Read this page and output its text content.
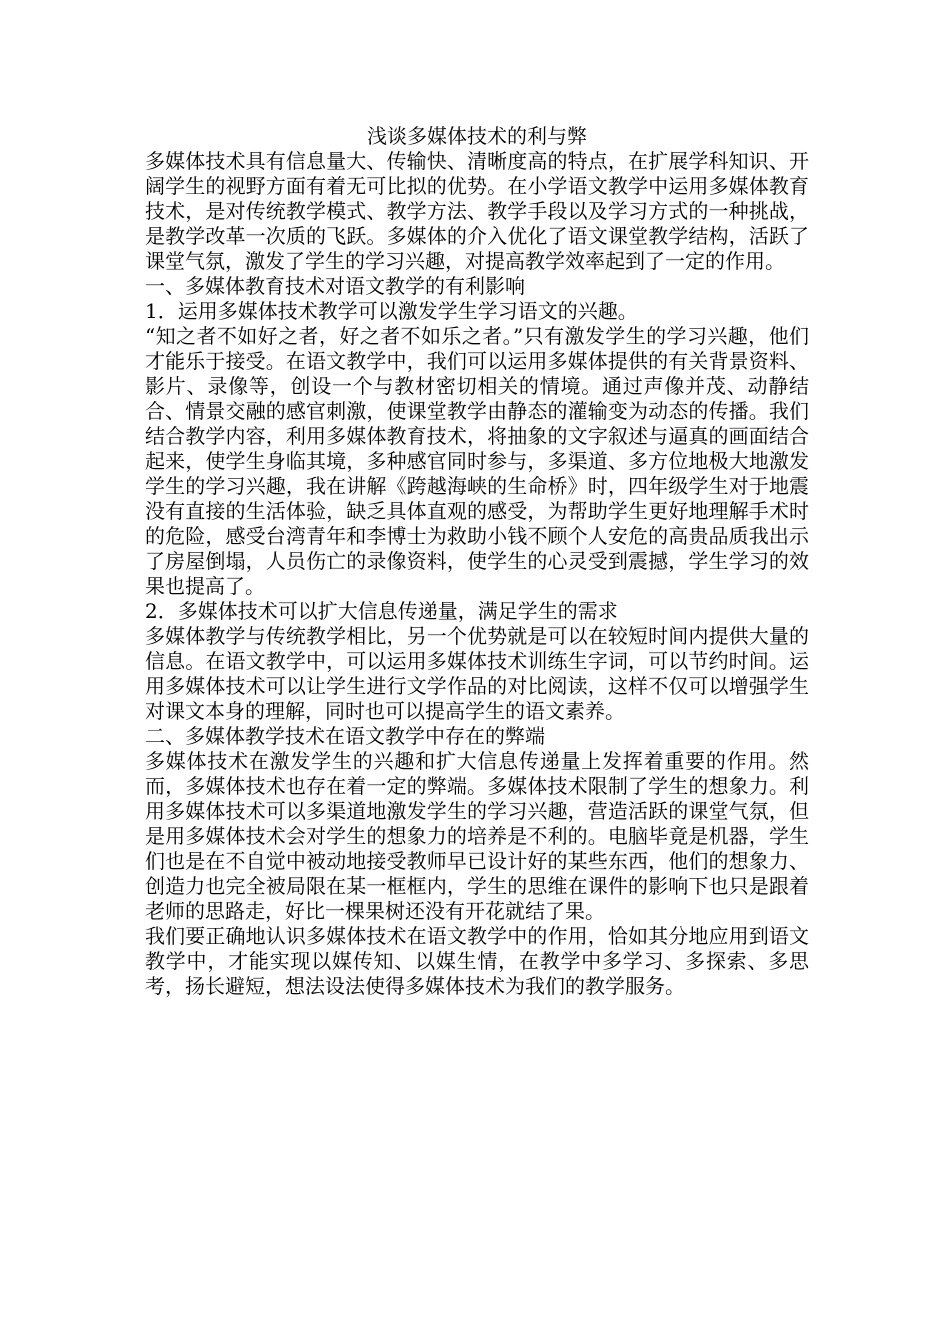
浅谈多媒体技术的利与弊

多媒体技术具有信息量大、传输快、清晰度高的特点，在扩展学科知识、开阔学生的视野方面有着无可比拟的优势。在小学语文教学中运用多媒体教育技术，是对传统教学模式、教学方法、教学手段以及学习方式的一种挑战，是教学改革一次质的飞跃。多媒体的介入优化了语文课堂教学结构，活跃了课堂气氛，激发了学生的学习兴趣，对提高教学效率起到了一定的作用。

一、多媒体教育技术对语文教学的有利影响

1．运用多媒体技术教学可以激发学生学习语文的兴趣。

“知之者不如好之者，好之者不如乐之者。”只有激发学生的学习兴趣，他们才能乐于接受。在语文教学中，我们可以运用多媒体提供的有关背景资料、影片、录像等，创设一个与教材密切相关的情境。通过声像并茂、动静结合、情景交融的感官刺激，使课堂教学由静态的灌输变为动态的传播。我们结合教学内容，利用多媒体教育技术，将抽象的文字叙述与逼真的画面结合起来，使学生身临其境，多种感官同时参与，多渠道、多方位地极大地激发学生的学习兴趣，我在讲解《跨越海峡的生命桥》时，四年级学生对于地震没有直接的生活体验，缺乏具体直观的感受，为帮助学生更好地理解手术时的危险，感受台湾青年和李博士为救助小钱不顾个人安危的高贵品质我出示了房屋倒塌，人员伤亡的录像资料，使学生的心灵受到震撼，学生学习的效果也提高了。

2．多媒体技术可以扩大信息传递量，满足学生的需求

多媒体教学与传统教学相比，另一个优势就是可以在较短时间内提供大量的信息。在语文教学中，可以运用多媒体技术训练生字词，可以节约时间。运用多媒体技术可以让学生进行文学作品的对比阅读，这样不仅可以增强学生对课文本身的理解，同时也可以提高学生的语文素养。

二、多媒体教学技术在语文教学中存在的弊端

多媒体技术在激发学生的兴趣和扩大信息传递量上发挥着重要的作用。然而，多媒体技术也存在着一定的弊端。多媒体技术限制了学生的想象力。利用多媒体技术可以多渠道地激发学生的学习兴趣，营造活跃的课堂气氛，但是用多媒体技术会对学生的想象力的培养是不利的。电脑毕竟是机器，学生们也是在不自觉中被动地接受教师早已设计好的某些东西，他们的想象力、创造力也完全被局限在某一框框内，学生的思维在课件的影响下也只是跟着老师的思路走，好比一棵果树还没有开花就结了果。

我们要正确地认识多媒体技术在语文教学中的作用，恰如其分地应用到语文教学中，才能实现以媒传知、以媒生情，在教学中多学习、多探索、多思考，扬长避短，想法设法使得多媒体技术为我们的教学服务。
